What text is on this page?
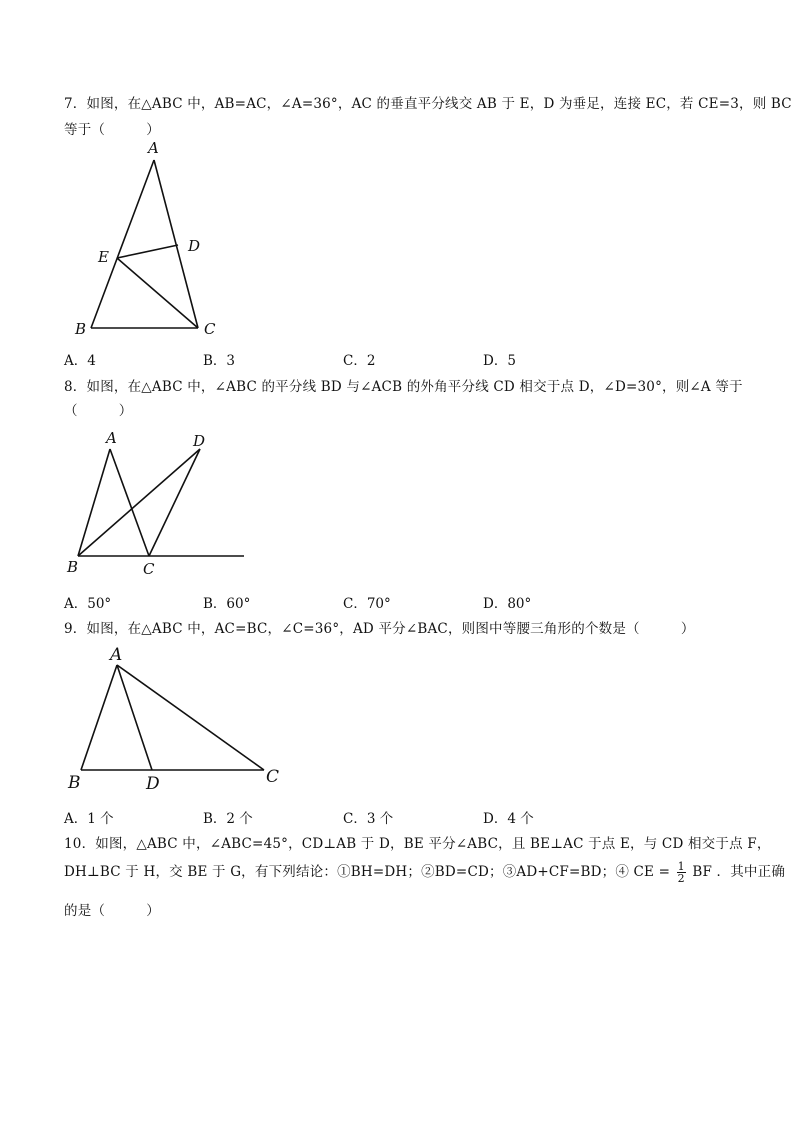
7．如图，在△ABC 中，AB=AC，∠A=36°，AC 的垂直平分线交 AB 于 E，D 为垂足，连接 EC，若 CE=3，则 BC
等于（　　　）
A
B	C
D
E
A．4	B．3	C．2	D．5
8．如图，在△ABC 中，∠ABC 的平分线 BD 与∠ACB 的外角平分线 CD 相交于点 D，∠D=30°，则∠A 等于
（　　　）
A
B	C
D
A．50°	B．60°	C．70°	D．80°
9．如图，在△ABC 中，AC=BC，∠C=36°，AD 平分∠BAC，则图中等腰三角形的个数是（　　　）
A
B	C
D
A．1 个	B．2 个	C．3 个	D．4 个
10．如图，△ABC 中，∠ABC=45°，CD⊥AB 于 D，BE 平分∠ABC，且 BE⊥AC 于点 E，与 CD 相交于点 F，
DH⊥BC 于 H，交 BE 于 G，有下列结论：①BH=DH；②BD=CD；③AD+CF=BD；④ CE = $\frac{1}{2}$ BF ．其中正确
的是（　　　）
